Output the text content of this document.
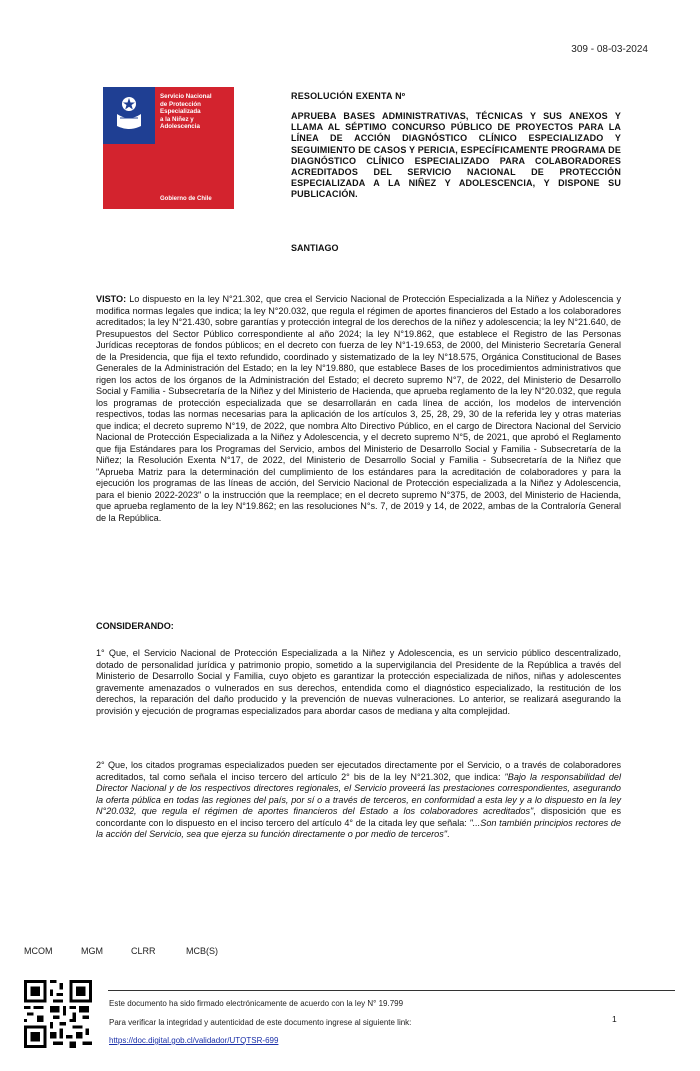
309 - 08-03-2024
Servicio Nacional
de Protección
Especializada
a la Niñez y
Adolescencia
Gobierno de Chile
RESOLUCIÓN EXENTA Nº
APRUEBA BASES ADMINISTRATIVAS, TÉCNICAS Y SUS ANEXOS Y LLAMA AL SÉPTIMO CONCURSO PÚBLICO DE PROYECTOS PARA LA LÍNEA DE ACCIÓN DIAGNÓSTICO CLÍNICO ESPECIALIZADO Y SEGUIMIENTO DE CASOS Y PERICIA, ESPECÍFICAMENTE PROGRAMA DE DIAGNÓSTICO CLÍNICO ESPECIALIZADO PARA COLABORADORES ACREDITADOS DEL SERVICIO NACIONAL DE PROTECCIÓN ESPECIALIZADA A LA NIÑEZ Y ADOLESCENCIA, Y DISPONE SU PUBLICACIÓN.
SANTIAGO
VISTO: Lo dispuesto en la ley N°21.302, que crea el Servicio Nacional de Protección Especializada a la Niñez y Adolescencia y modifica normas legales que indica; la ley N°20.032, que regula el régimen de aportes financieros del Estado a los colaboradores acreditados; la ley N°21.430, sobre garantías y protección integral de los derechos de la niñez y adolescencia; la ley N°21.640, de Presupuestos del Sector Público correspondiente al año 2024; la ley N°19.862, que establece el Registro de las Personas Jurídicas receptoras de fondos públicos; en el decreto con fuerza de ley N°1-19.653, de 2000, del Ministerio Secretaría General de la Presidencia, que fija el texto refundido, coordinado y sistematizado de la ley N°18.575, Orgánica Constitucional de Bases Generales de la Administración del Estado; en la ley N°19.880, que establece Bases de los procedimientos administrativos que rigen los actos de los órganos de la Administración del Estado; el decreto supremo N°7, de 2022, del Ministerio de Desarrollo Social y Familia - Subsecretaría de la Niñez y del Ministerio de Hacienda, que aprueba reglamento de la ley N°20.032, que regula los programas de protección especializada que se desarrollarán en cada línea de acción, los modelos de intervención respectivos, todas las normas necesarias para la aplicación de los artículos 3, 25, 28, 29, 30 de la referida ley y otras materias que indica; el decreto supremo N°19, de 2022, que nombra Alto Directivo Público, en el cargo de Directora Nacional del Servicio Nacional de Protección Especializada a la Niñez y Adolescencia, y el decreto supremo N°5, de 2021, que aprobó el Reglamento que fija Estándares para los Programas del Servicio, ambos del Ministerio de Desarrollo Social y Familia - Subsecretaría de la Niñez; la Resolución Exenta N°17, de 2022, del Ministerio de Desarrollo Social y Familia - Subsecretaría de la Niñez que "Aprueba Matriz para la determinación del cumplimiento de los estándares para la acreditación de colaboradores y para la ejecución los programas de las líneas de acción, del Servicio Nacional de Protección especializada a la Niñez y Adolescencia, para el bienio 2022-2023" o la instrucción que la reemplace; en el decreto supremo N°375, de 2003, del Ministerio de Hacienda, que aprueba reglamento de la ley N°19.862; en las resoluciones N°s. 7, de 2019 y 14, de 2022, ambas de la Contraloría General de la República.
CONSIDERANDO:
1° Que, el Servicio Nacional de Protección Especializada a la Niñez y Adolescencia, es un servicio público descentralizado, dotado de personalidad jurídica y patrimonio propio, sometido a la supervigilancia del Presidente de la República a través del Ministerio de Desarrollo Social y Familia, cuyo objeto es garantizar la protección especializada de niños, niñas y adolescentes gravemente amenazados o vulnerados en sus derechos, entendida como el diagnóstico especializado, la restitución de los derechos, la reparación del daño producido y la prevención de nuevas vulneraciones. Lo anterior, se realizará asegurando la provisión y ejecución de programas especializados para abordar casos de mediana y alta complejidad.
2° Que, los citados programas especializados pueden ser ejecutados directamente por el Servicio, o a través de colaboradores acreditados, tal como señala el inciso tercero del artículo 2° bis de la ley N°21.302, que indica: "Bajo la responsabilidad del Director Nacional y de los respectivos directores regionales, el Servicio proveerá las prestaciones correspondientes, asegurando la oferta pública en todas las regiones del país, por sí o a través de terceros, en conformidad a esta ley y a lo dispuesto en la ley N°20.032, que regula el régimen de aportes financieros del Estado a los colaboradores acreditados", disposición que es concordante con lo dispuesto en el inciso tercero del artículo 4° de la citada ley que señala: "...Son también principios rectores de la acción del Servicio, sea que ejerza su función directamente o por medio de terceros".
MCOM	MGM	CLRR	MCB(S)
Este documento ha sido firmado electrónicamente de acuerdo con la ley N° 19.799
Para verificar la integridad y autenticidad de este documento ingrese al siguiente link:
https://doc.digital.gob.cl/validador/UTQTSR-699
1
